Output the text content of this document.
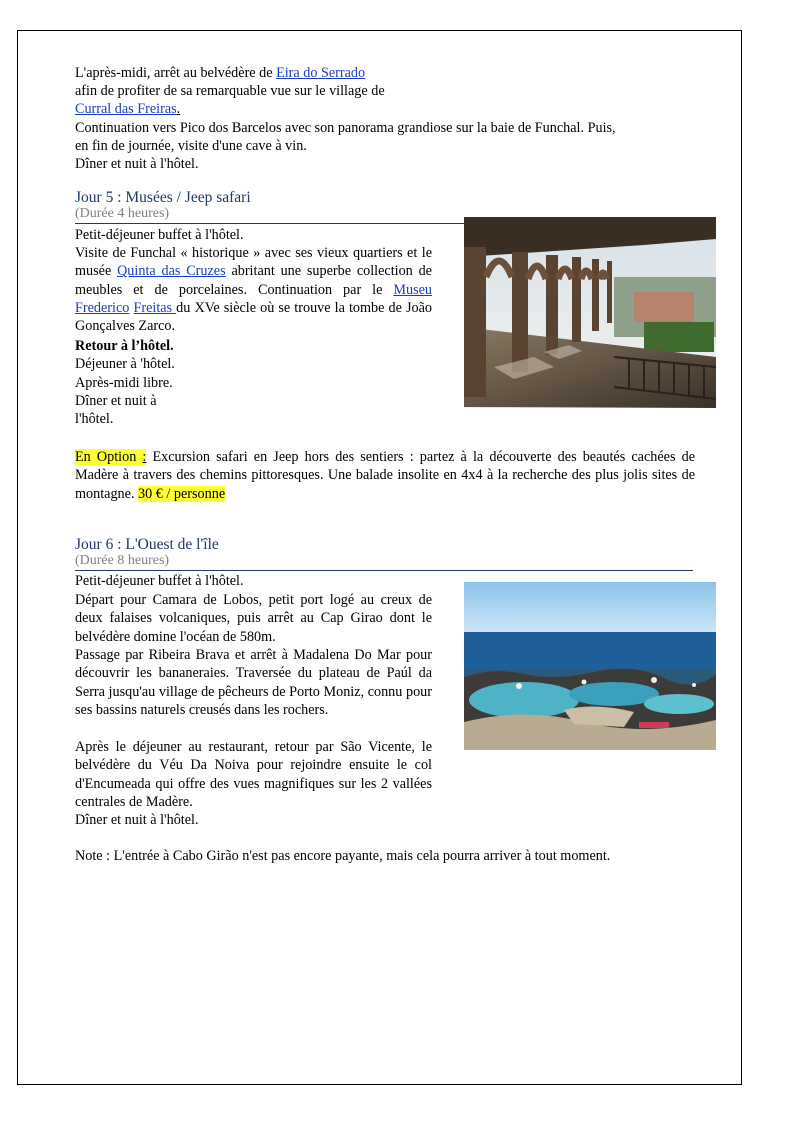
L'après-midi, arrêt au belvédère de Eira do Serrado
afin de profiter de sa remarquable vue sur le village de
Curral das Freiras.
Continuation vers Pico dos Barcelos avec son panorama grandiose sur la baie de Funchal. Puis,
en fin de journée, visite d'une cave à vin.
Dîner et nuit à l'hôtel.
Jour 5 : Musées / Jeep safari
(Durée 4 heures)
Petit-déjeuner buffet à l'hôtel.
Visite de Funchal « historique » avec ses vieux quartiers et le musée Quinta das Cruzes abritant une superbe collection de meubles et de porcelaines. Continuation par le Museu Frederico Freitas du XVe siècle où se trouve la tombe de João Gonçalves Zarco.
Retour à l’hôtel.
Déjeuner à 'hôtel.
Après-midi libre.
Dîner et nuit à
l'hôtel.
En Option : Excursion safari en Jeep hors des sentiers : partez à la découverte des beautés cachées de Madère à travers des chemins pittoresques. Une balade insolite en 4x4 à la recherche des plus jolis sites de montagne. 30 € / personne
Jour 6 : L'Ouest de l'île
(Durée 8 heures)
Petit-déjeuner buffet à l'hôtel.
Départ pour Camara de Lobos, petit port logé au creux de deux falaises volcaniques, puis arrêt au Cap Girao dont le belvédère domine l'océan de 580m.
Passage par Ribeira Brava et arrêt à Madalena Do Mar pour découvrir les bananeraies. Traversée du plateau de Paúl da Serra jusqu'au village de pêcheurs de Porto Moniz, connu pour ses bassins naturels creusés dans les rochers.
Après le déjeuner au restaurant, retour par São Vicente, le belvédère du Véu Da Noiva pour rejoindre ensuite le col d'Encumeada qui offre des vues magnifiques sur les 2 vallées centrales de Madère.
Dîner et nuit à l'hôtel.
Note : L'entrée à Cabo Girão n'est pas encore payante, mais cela pourra arriver à tout moment.
